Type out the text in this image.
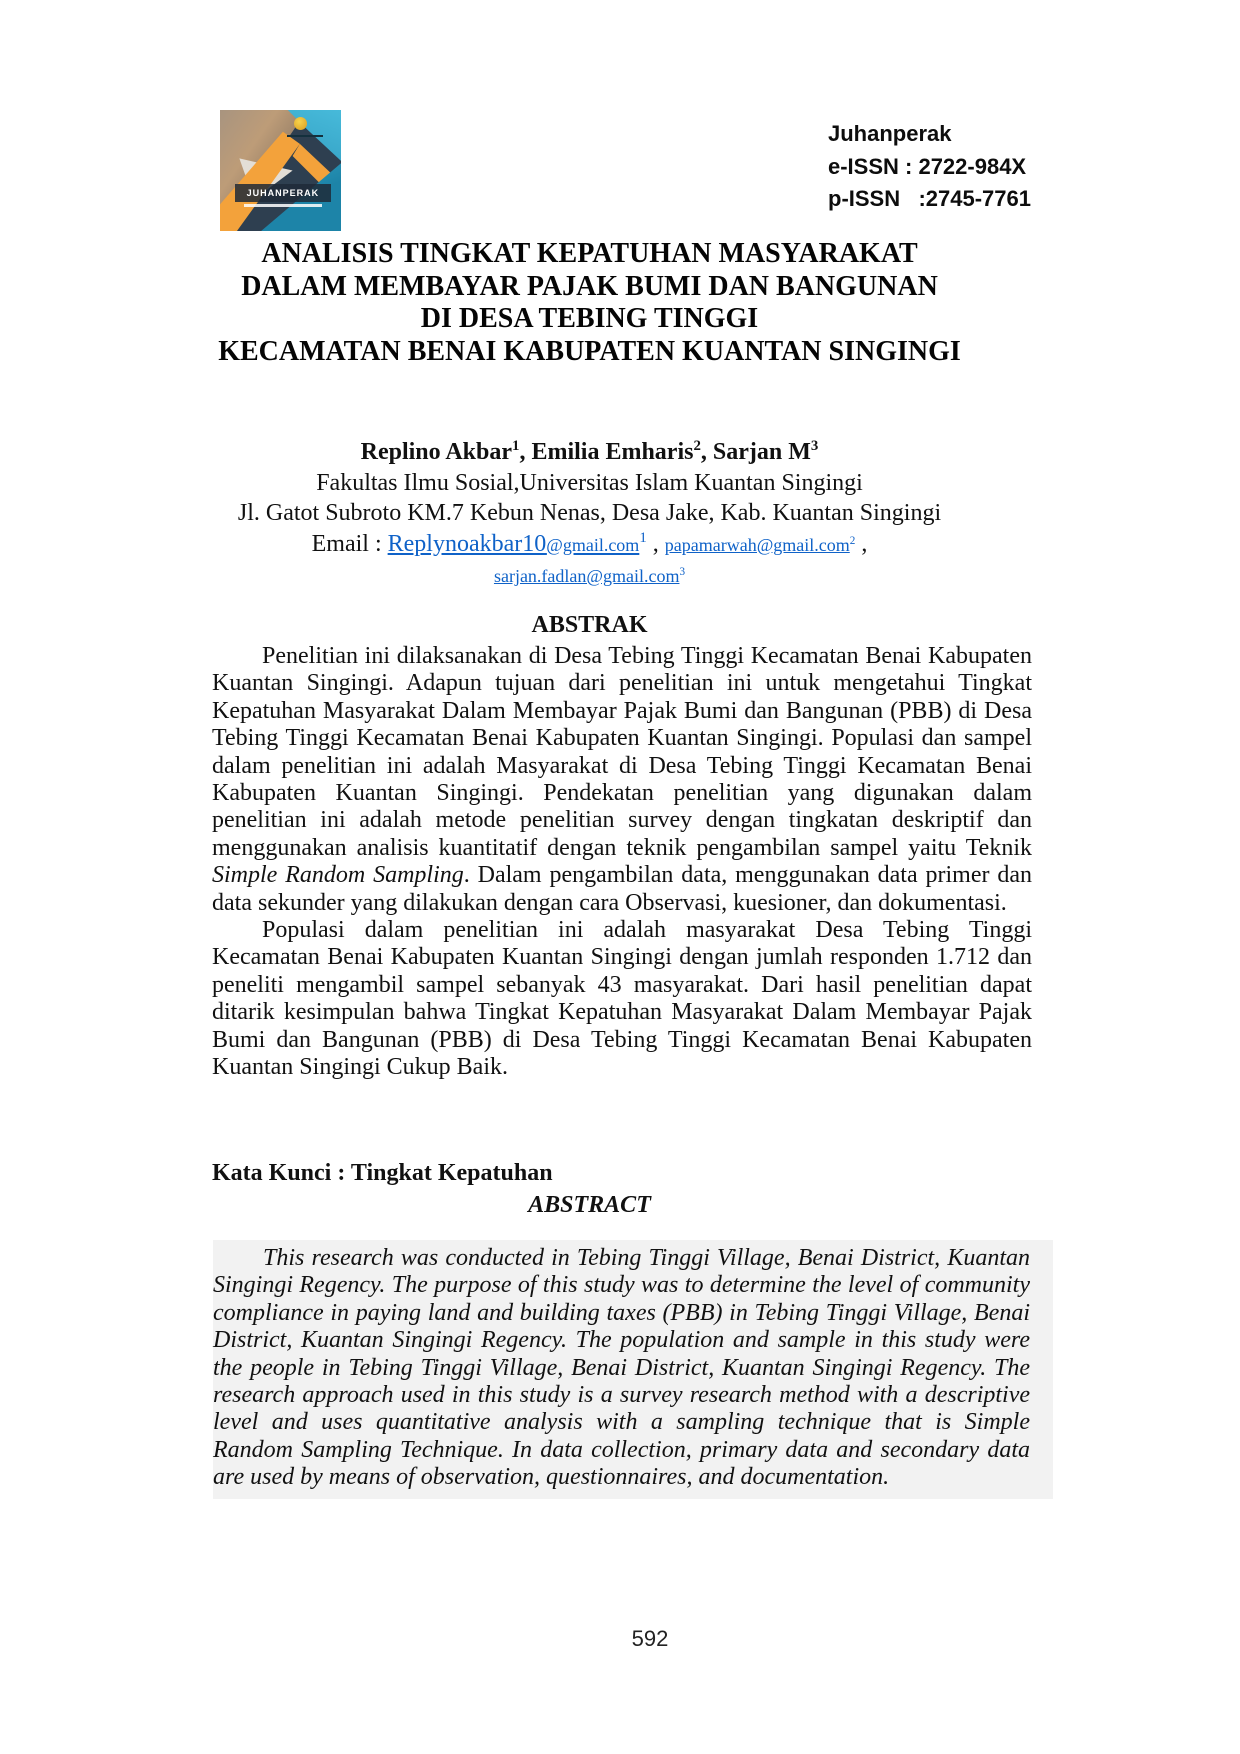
JUHANPERAK
Juhanperak
e-ISSN : 2722-984X
p-ISSN   :2745-7761
ANALISIS TINGKAT KEPATUHAN MASYARAKAT
DALAM MEMBAYAR PAJAK BUMI DAN BANGUNAN
DI DESA TEBING TINGGI
KECAMATAN BENAI KABUPATEN KUANTAN SINGINGI
Replino Akbar$^1$, Emilia Emharis$^2$, Sarjan $M^3$
Fakultas Ilmu Sosial,Universitas Islam Kuantan Singingi
Jl. Gatot Subroto KM.7 Kebun Nenas, Desa Jake, Kab. Kuantan Singingi
Email : Replynoakbar10@gmail.com$^1$ , papamarwah@gmail.com$^2$ ,
sarjan.fadlan@gmail.com$^3$
ABSTRAK

Penelitian ini dilaksanakan di Desa Tebing Tinggi Kecamatan Benai Kabupaten Kuantan Singingi. Adapun tujuan dari penelitian ini untuk mengetahui Tingkat Kepatuhan Masyarakat Dalam Membayar Pajak Bumi dan Bangunan (PBB) di Desa Tebing Tinggi Kecamatan Benai Kabupaten Kuantan Singingi. Populasi dan sampel dalam penelitian ini adalah Masyarakat di Desa Tebing Tinggi Kecamatan Benai Kabupaten Kuantan Singingi. Pendekatan penelitian yang digunakan dalam penelitian ini adalah metode penelitian survey dengan tingkatan deskriptif dan menggunakan analisis kuantitatif dengan teknik pengambilan sampel yaitu Teknik Simple Random Sampling. Dalam pengambilan data, menggunakan data primer dan data sekunder yang dilakukan dengan cara Observasi, kuesioner, dan dokumentasi.

Populasi dalam penelitian ini adalah masyarakat Desa Tebing Tinggi Kecamatan Benai Kabupaten Kuantan Singingi dengan jumlah responden 1.712 dan peneliti mengambil sampel sebanyak 43 masyarakat. Dari hasil penelitian dapat ditarik kesimpulan bahwa Tingkat Kepatuhan Masyarakat Dalam Membayar Pajak Bumi dan Bangunan (PBB) di Desa Tebing Tinggi Kecamatan Benai Kabupaten Kuantan Singingi Cukup Baik.

Kata Kunci : Tingkat Kepatuhan
ABSTRACT

This research was conducted in Tebing Tinggi Village, Benai District, Kuantan Singingi Regency. The purpose of this study was to determine the level of community compliance in paying land and building taxes (PBB) in Tebing Tinggi Village, Benai District, Kuantan Singingi Regency. The population and sample in this study were the people in Tebing Tinggi Village, Benai District, Kuantan Singingi Regency. The research approach used in this study is a survey research method with a descriptive level and uses quantitative analysis with a sampling technique that is Simple Random Sampling Technique. In data collection, primary data and secondary data are used by means of observation, questionnaires, and documentation.

592
